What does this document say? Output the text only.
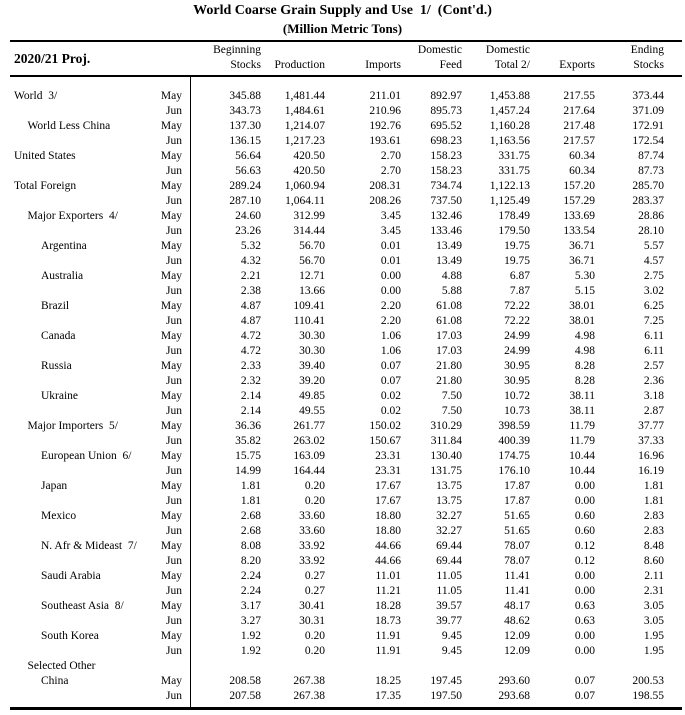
World Coarse Grain Supply and Use  1/  (Cont'd.)
(Million Metric Tons)
2020/21 Proj.
Beginning
Stocks	Production	Imports
Domestic
Feed
Domestic
Total 2/	Exports
Ending
Stocks
World  3/	May	345.88	1,481.44	211.01	892.97	1,453.88	217.55	373.44
Jun	343.73	1,484.61	210.96	895.73	1,457.24	217.64	371.09
World Less China	May	137.30	1,214.07	192.76	695.52	1,160.28	217.48	172.91
Jun	136.15	1,217.23	193.61	698.23	1,163.56	217.57	172.54
United States	May	56.64	420.50	2.70	158.23	331.75	60.34	87.74
Jun	56.63	420.50	2.70	158.23	331.75	60.34	87.73
Total Foreign	May	289.24	1,060.94	208.31	734.74	1,122.13	157.20	285.70
Jun	287.10	1,064.11	208.26	737.50	1,125.49	157.29	283.37
Major Exporters  4/	May	24.60	312.99	3.45	132.46	178.49	133.69	28.86
Jun	23.26	314.44	3.45	133.46	179.50	133.54	28.10
Argentina	May	5.32	56.70	0.01	13.49	19.75	36.71	5.57
Jun	4.32	56.70	0.01	13.49	19.75	36.71	4.57
Australia	May	2.21	12.71	0.00	4.88	6.87	5.30	2.75
Jun	2.38	13.66	0.00	5.88	7.87	5.15	3.02
Brazil	May	4.87	109.41	2.20	61.08	72.22	38.01	6.25
Jun	4.87	110.41	2.20	61.08	72.22	38.01	7.25
Canada	May	4.72	30.30	1.06	17.03	24.99	4.98	6.11
Jun	4.72	30.30	1.06	17.03	24.99	4.98	6.11
Russia	May	2.33	39.40	0.07	21.80	30.95	8.28	2.57
Jun	2.32	39.20	0.07	21.80	30.95	8.28	2.36
Ukraine	May	2.14	49.85	0.02	7.50	10.72	38.11	3.18
Jun	2.14	49.55	0.02	7.50	10.73	38.11	2.87
Major Importers  5/	May	36.36	261.77	150.02	310.29	398.59	11.79	37.77
Jun	35.82	263.02	150.67	311.84	400.39	11.79	37.33
European Union  6/	May	15.75	163.09	23.31	130.40	174.75	10.44	16.96
Jun	14.99	164.44	23.31	131.75	176.10	10.44	16.19
Japan	May	1.81	0.20	17.67	13.75	17.87	0.00	1.81
Jun	1.81	0.20	17.67	13.75	17.87	0.00	1.81
Mexico	May	2.68	33.60	18.80	32.27	51.65	0.60	2.83
Jun	2.68	33.60	18.80	32.27	51.65	0.60	2.83
N. Afr & Mideast  7/	May	8.08	33.92	44.66	69.44	78.07	0.12	8.48
Jun	8.20	33.92	44.66	69.44	78.07	0.12	8.60
Saudi Arabia	May	2.24	0.27	11.01	11.05	11.41	0.00	2.11
Jun	2.24	0.27	11.21	11.05	11.41	0.00	2.31
Southeast Asia  8/	May	3.17	30.41	18.28	39.57	48.17	0.63	3.05
Jun	3.27	30.31	18.73	39.77	48.62	0.63	3.05
South Korea	May	1.92	0.20	11.91	9.45	12.09	0.00	1.95
Jun	1.92	0.20	11.91	9.45	12.09	0.00	1.95
Selected Other
China	May	208.58	267.38	18.25	197.45	293.60	0.07	200.53
Jun	207.58	267.38	17.35	197.50	293.68	0.07	198.55
